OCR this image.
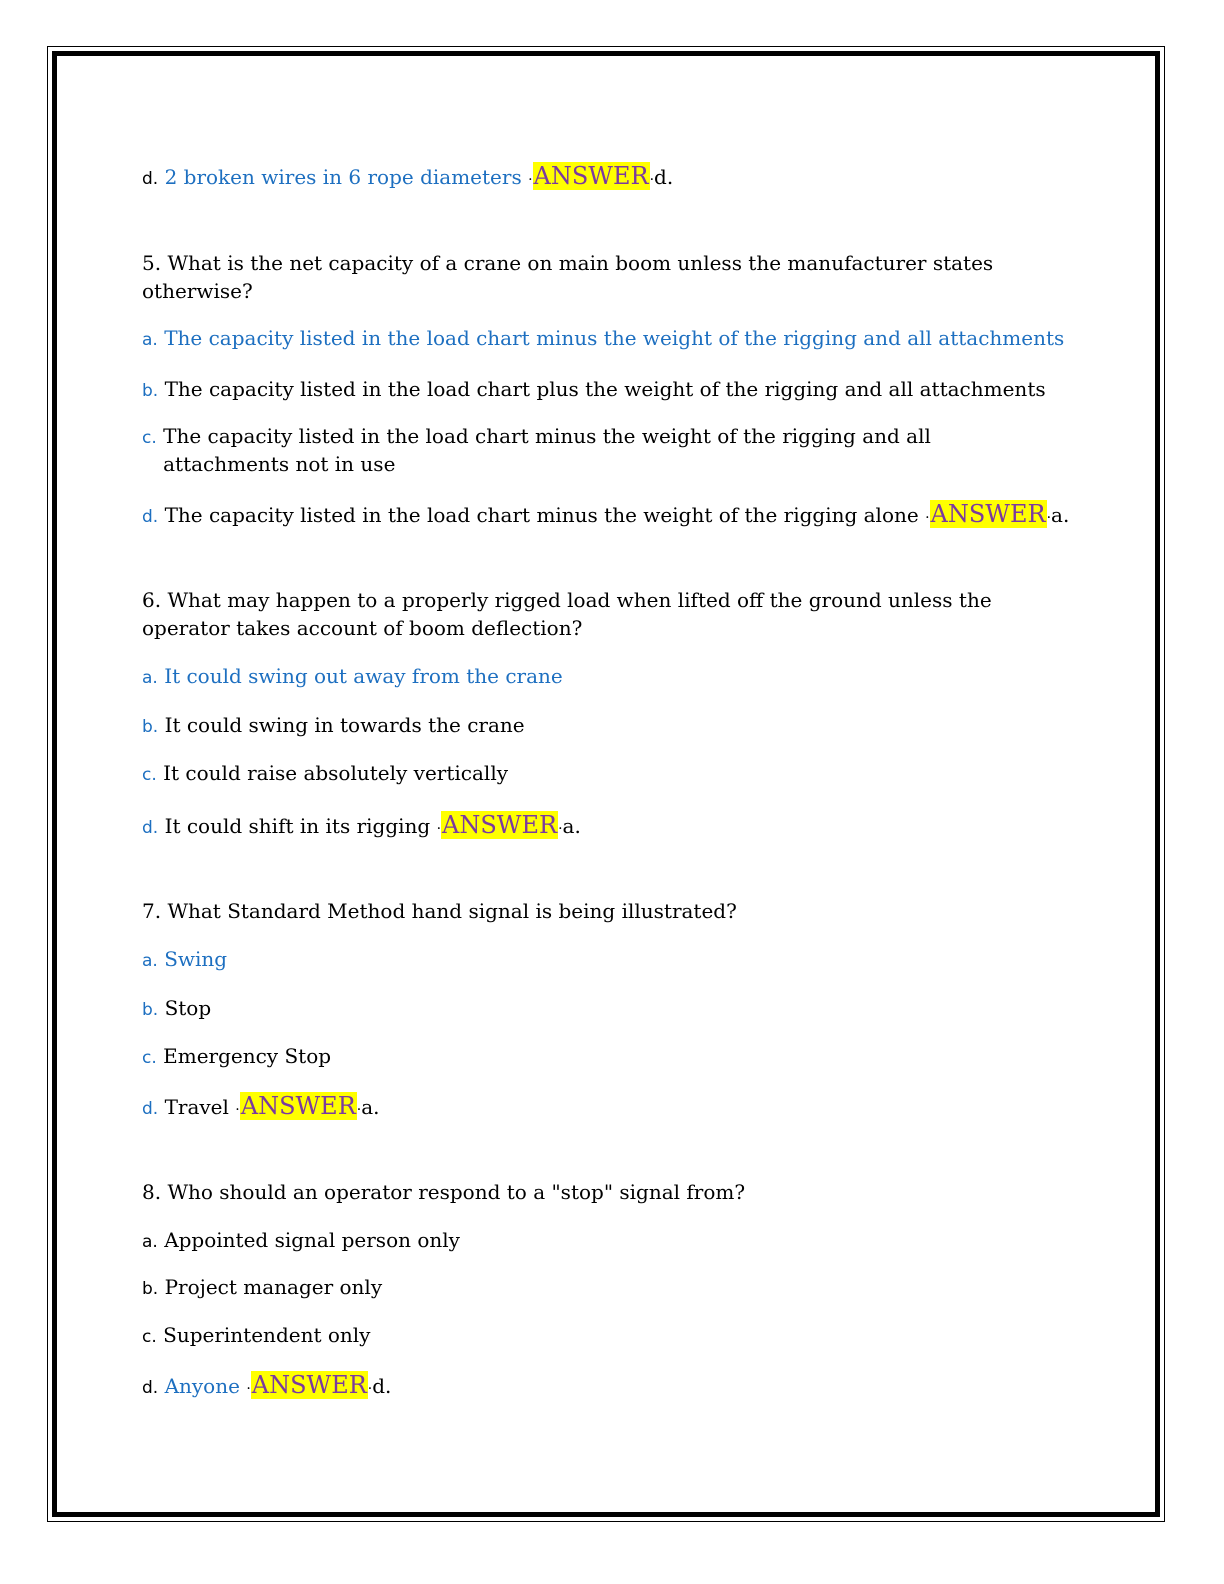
d. 2 broken wires in 6 rope diameters ·ANSWER·d.
5. What is the net capacity of a crane on main boom unless the manufacturer states otherwise?
a. The capacity listed in the load chart minus the weight of the rigging and all attachments
b. The capacity listed in the load chart plus the weight of the rigging and all attachments
c. The capacity listed in the load chart minus the weight of the rigging and all attachments not in use
d. The capacity listed in the load chart minus the weight of the rigging alone ·ANSWER·a.
6. What may happen to a properly rigged load when lifted off the ground unless the operator takes account of boom deflection?
a. It could swing out away from the crane
b. It could swing in towards the crane
c. It could raise absolutely vertically
d. It could shift in its rigging ·ANSWER·a.
7. What Standard Method hand signal is being illustrated?
a. Swing
b. Stop
c. Emergency Stop
d. Travel ·ANSWER·a.
8. Who should an operator respond to a "stop" signal from?
a. Appointed signal person only
b. Project manager only
c. Superintendent only
d. Anyone ·ANSWER·d.
